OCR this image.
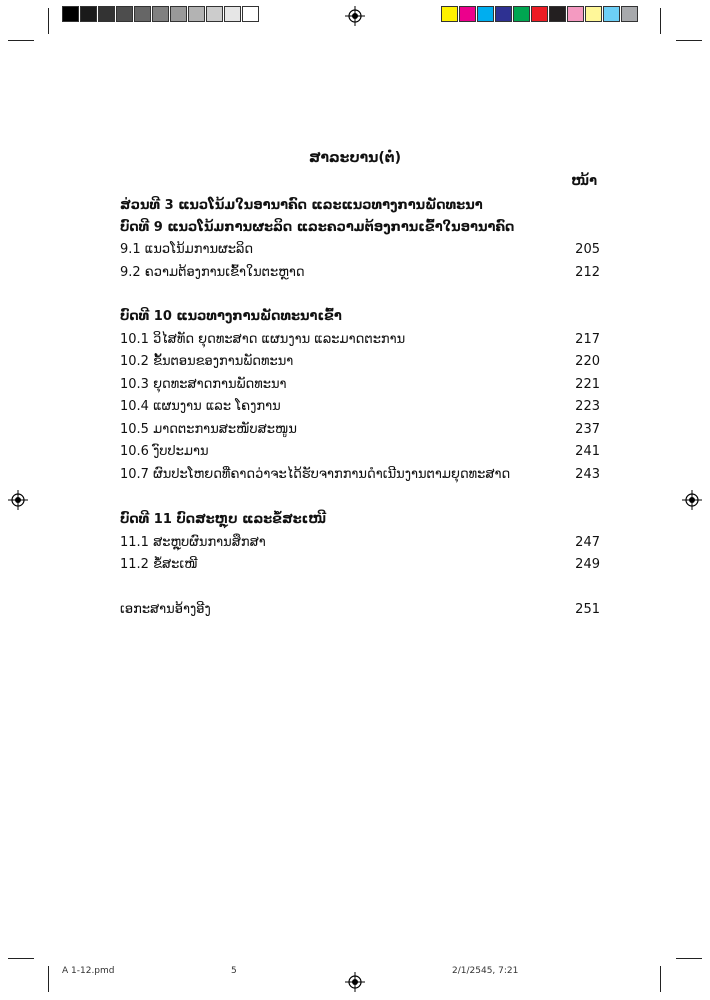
ສາລະບານ(ຕໍ່)
ໜ້າ
ສ່ວນທີ 3 ແນວໂນ້ມໃນອານາຄົດ ແລະແນວທາງການພັດທະນາ
ບົດທີ 9 ແນວໂນ້ມການຜະລິດ ແລະຄວາມຕ້ອງການເຂົ້າໃນອານາຄົດ
9.1 ແນວໂນ້ມການຜະລິດ	205
9.2 ຄວາມຕ້ອງການເຂົ້າໃນຕະຫຼາດ	212
ບົດທີ 10 ແນວທາງການພັດທະນາເຂົ້າ
10.1 ວິໄສທັດ ຍຸດທະສາດ ແຜນງານ ແລະມາດຕະການ	217
10.2 ຂັ້ນຕອນຂອງການພັດທະນາ	220
10.3 ຍຸດທະສາດການພັດທະນາ	221
10.4 ແຜນງານ ແລະ ໂຄງການ	223
10.5 ມາດຕະການສະໜັບສະໜູນ	237
10.6 ງົບປະມານ	241
10.7 ຜົນປະໂຫຍດທີ່ຄາດວ່າຈະໄດ້ຮັບຈາກການດຳເນີນງານຕາມຍຸດທະສາດ	243
ບົດທີ 11 ບົດສະຫຼຸບ ແລະຂໍ້ສະເໜີ
11.1 ສະຫຼຸບຜົນການສຶກສາ	247
11.2 ຂໍ້ສະເໜີ	249
ເອກະສານອ້າງອີງ	251
A 1-12.pmd	5	2/1/2545, 7:21
